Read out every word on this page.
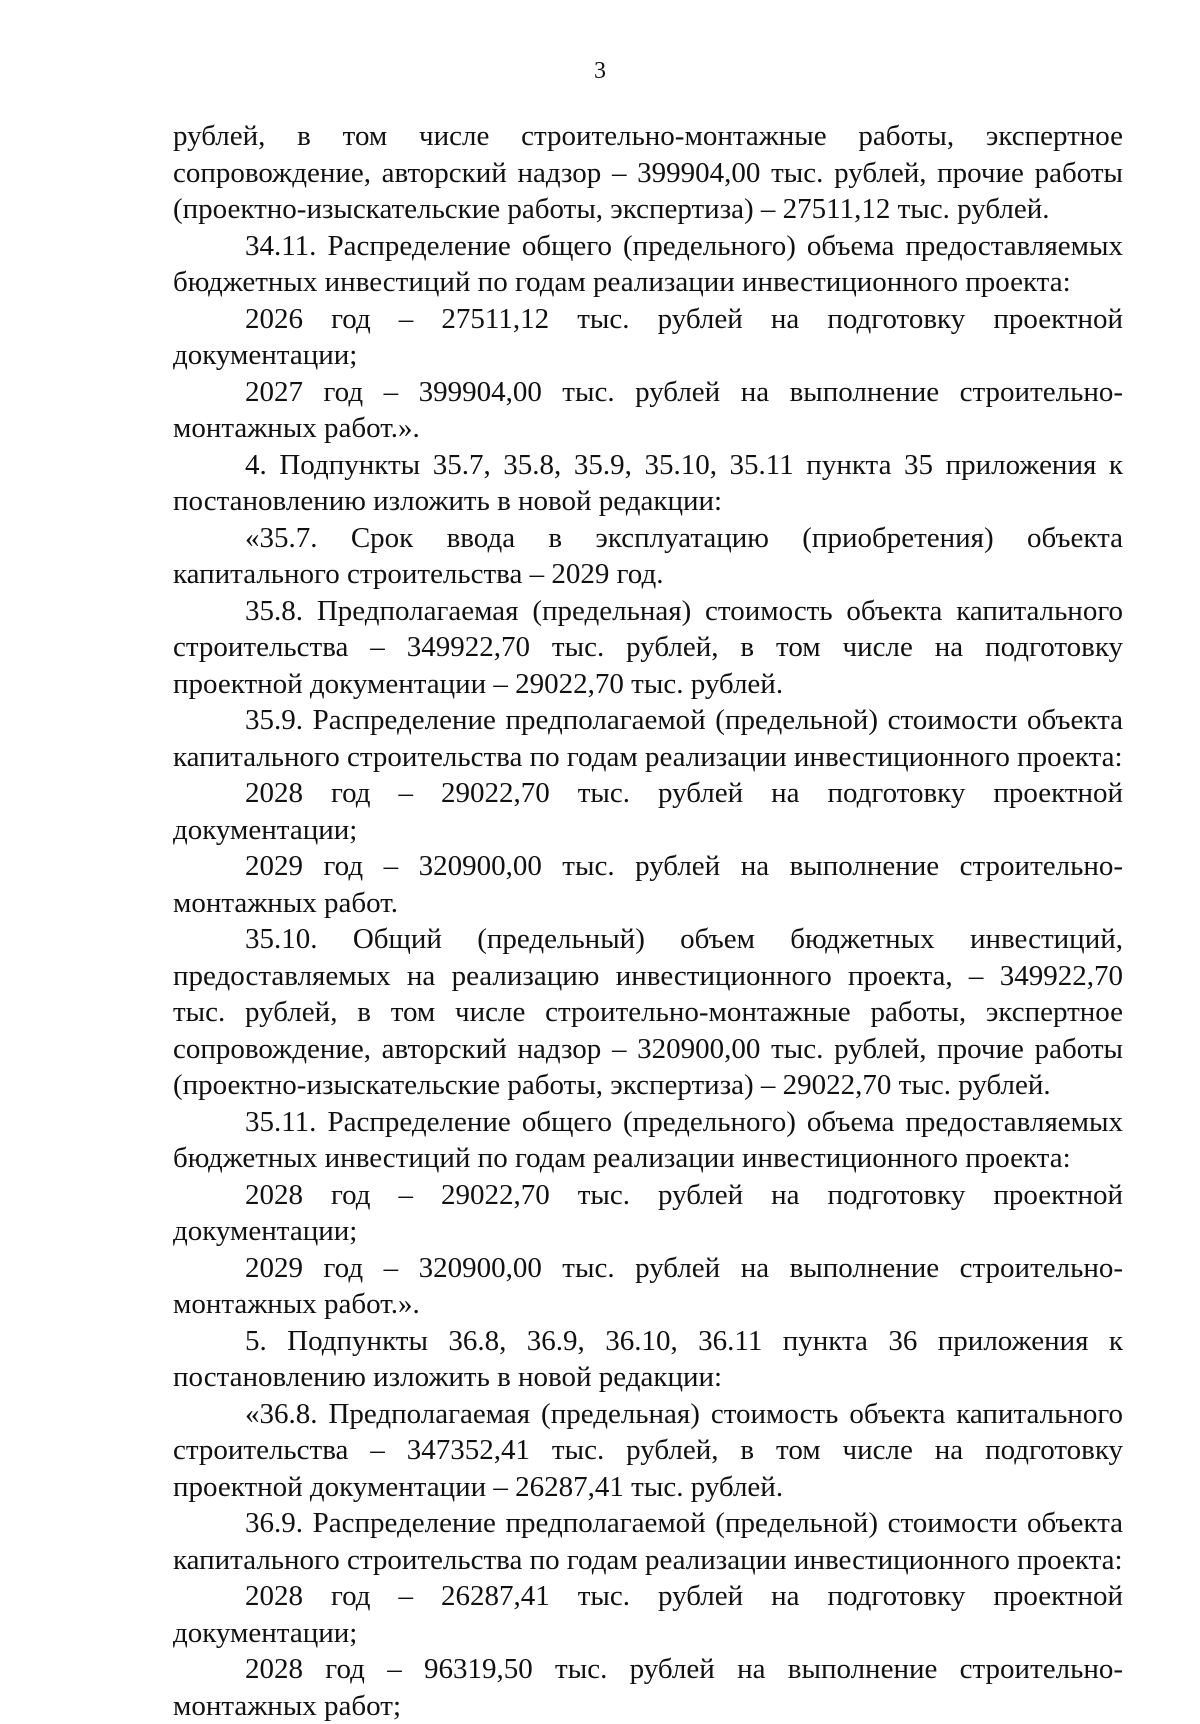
3

рублей, в том числе строительно-монтажные работы, экспертное сопровождение, авторский надзор – 399904,00 тыс. рублей, прочие работы (проектно-изыскательские работы, экспертиза) – 27511,12 тыс. рублей.

34.11. Распределение общего (предельного) объема предоставляемых бюджетных инвестиций по годам реализации инвестиционного проекта:

2026 год – 27511,12 тыс. рублей на подготовку проектной документации;

2027 год – 399904,00 тыс. рублей на выполнение строительно-монтажных работ.».

4. Подпункты 35.7, 35.8, 35.9, 35.10, 35.11 пункта 35 приложения к постановлению изложить в новой редакции:

«35.7. Срок ввода в эксплуатацию (приобретения) объекта капитального строительства – 2029 год.

35.8. Предполагаемая (предельная) стоимость объекта капитального строительства – 349922,70 тыс. рублей, в том числе на подготовку проектной документации – 29022,70 тыс. рублей.

35.9. Распределение предполагаемой (предельной) стоимости объекта капитального строительства по годам реализации инвестиционного проекта:

2028 год – 29022,70 тыс. рублей на подготовку проектной документации;

2029 год – 320900,00 тыс. рублей на выполнение строительно-монтажных работ.

35.10. Общий (предельный) объем бюджетных инвестиций, предоставляемых на реализацию инвестиционного проекта, – 349922,70 тыс. рублей, в том числе строительно-монтажные работы, экспертное сопровождение, авторский надзор – 320900,00 тыс. рублей, прочие работы (проектно-изыскательские работы, экспертиза) – 29022,70 тыс. рублей.

35.11. Распределение общего (предельного) объема предоставляемых бюджетных инвестиций по годам реализации инвестиционного проекта:

2028 год – 29022,70 тыс. рублей на подготовку проектной документации;

2029 год – 320900,00 тыс. рублей на выполнение строительно-монтажных работ.».

5. Подпункты 36.8, 36.9, 36.10, 36.11 пункта 36 приложения к постановлению изложить в новой редакции:

«36.8. Предполагаемая (предельная) стоимость объекта капитального строительства – 347352,41 тыс. рублей, в том числе на подготовку проектной документации – 26287,41 тыс. рублей.

36.9. Распределение предполагаемой (предельной) стоимости объекта капитального строительства по годам реализации инвестиционного проекта:

2028 год – 26287,41 тыс. рублей на подготовку проектной документации;

2028 год – 96319,50 тыс. рублей на выполнение строительно-монтажных работ;
